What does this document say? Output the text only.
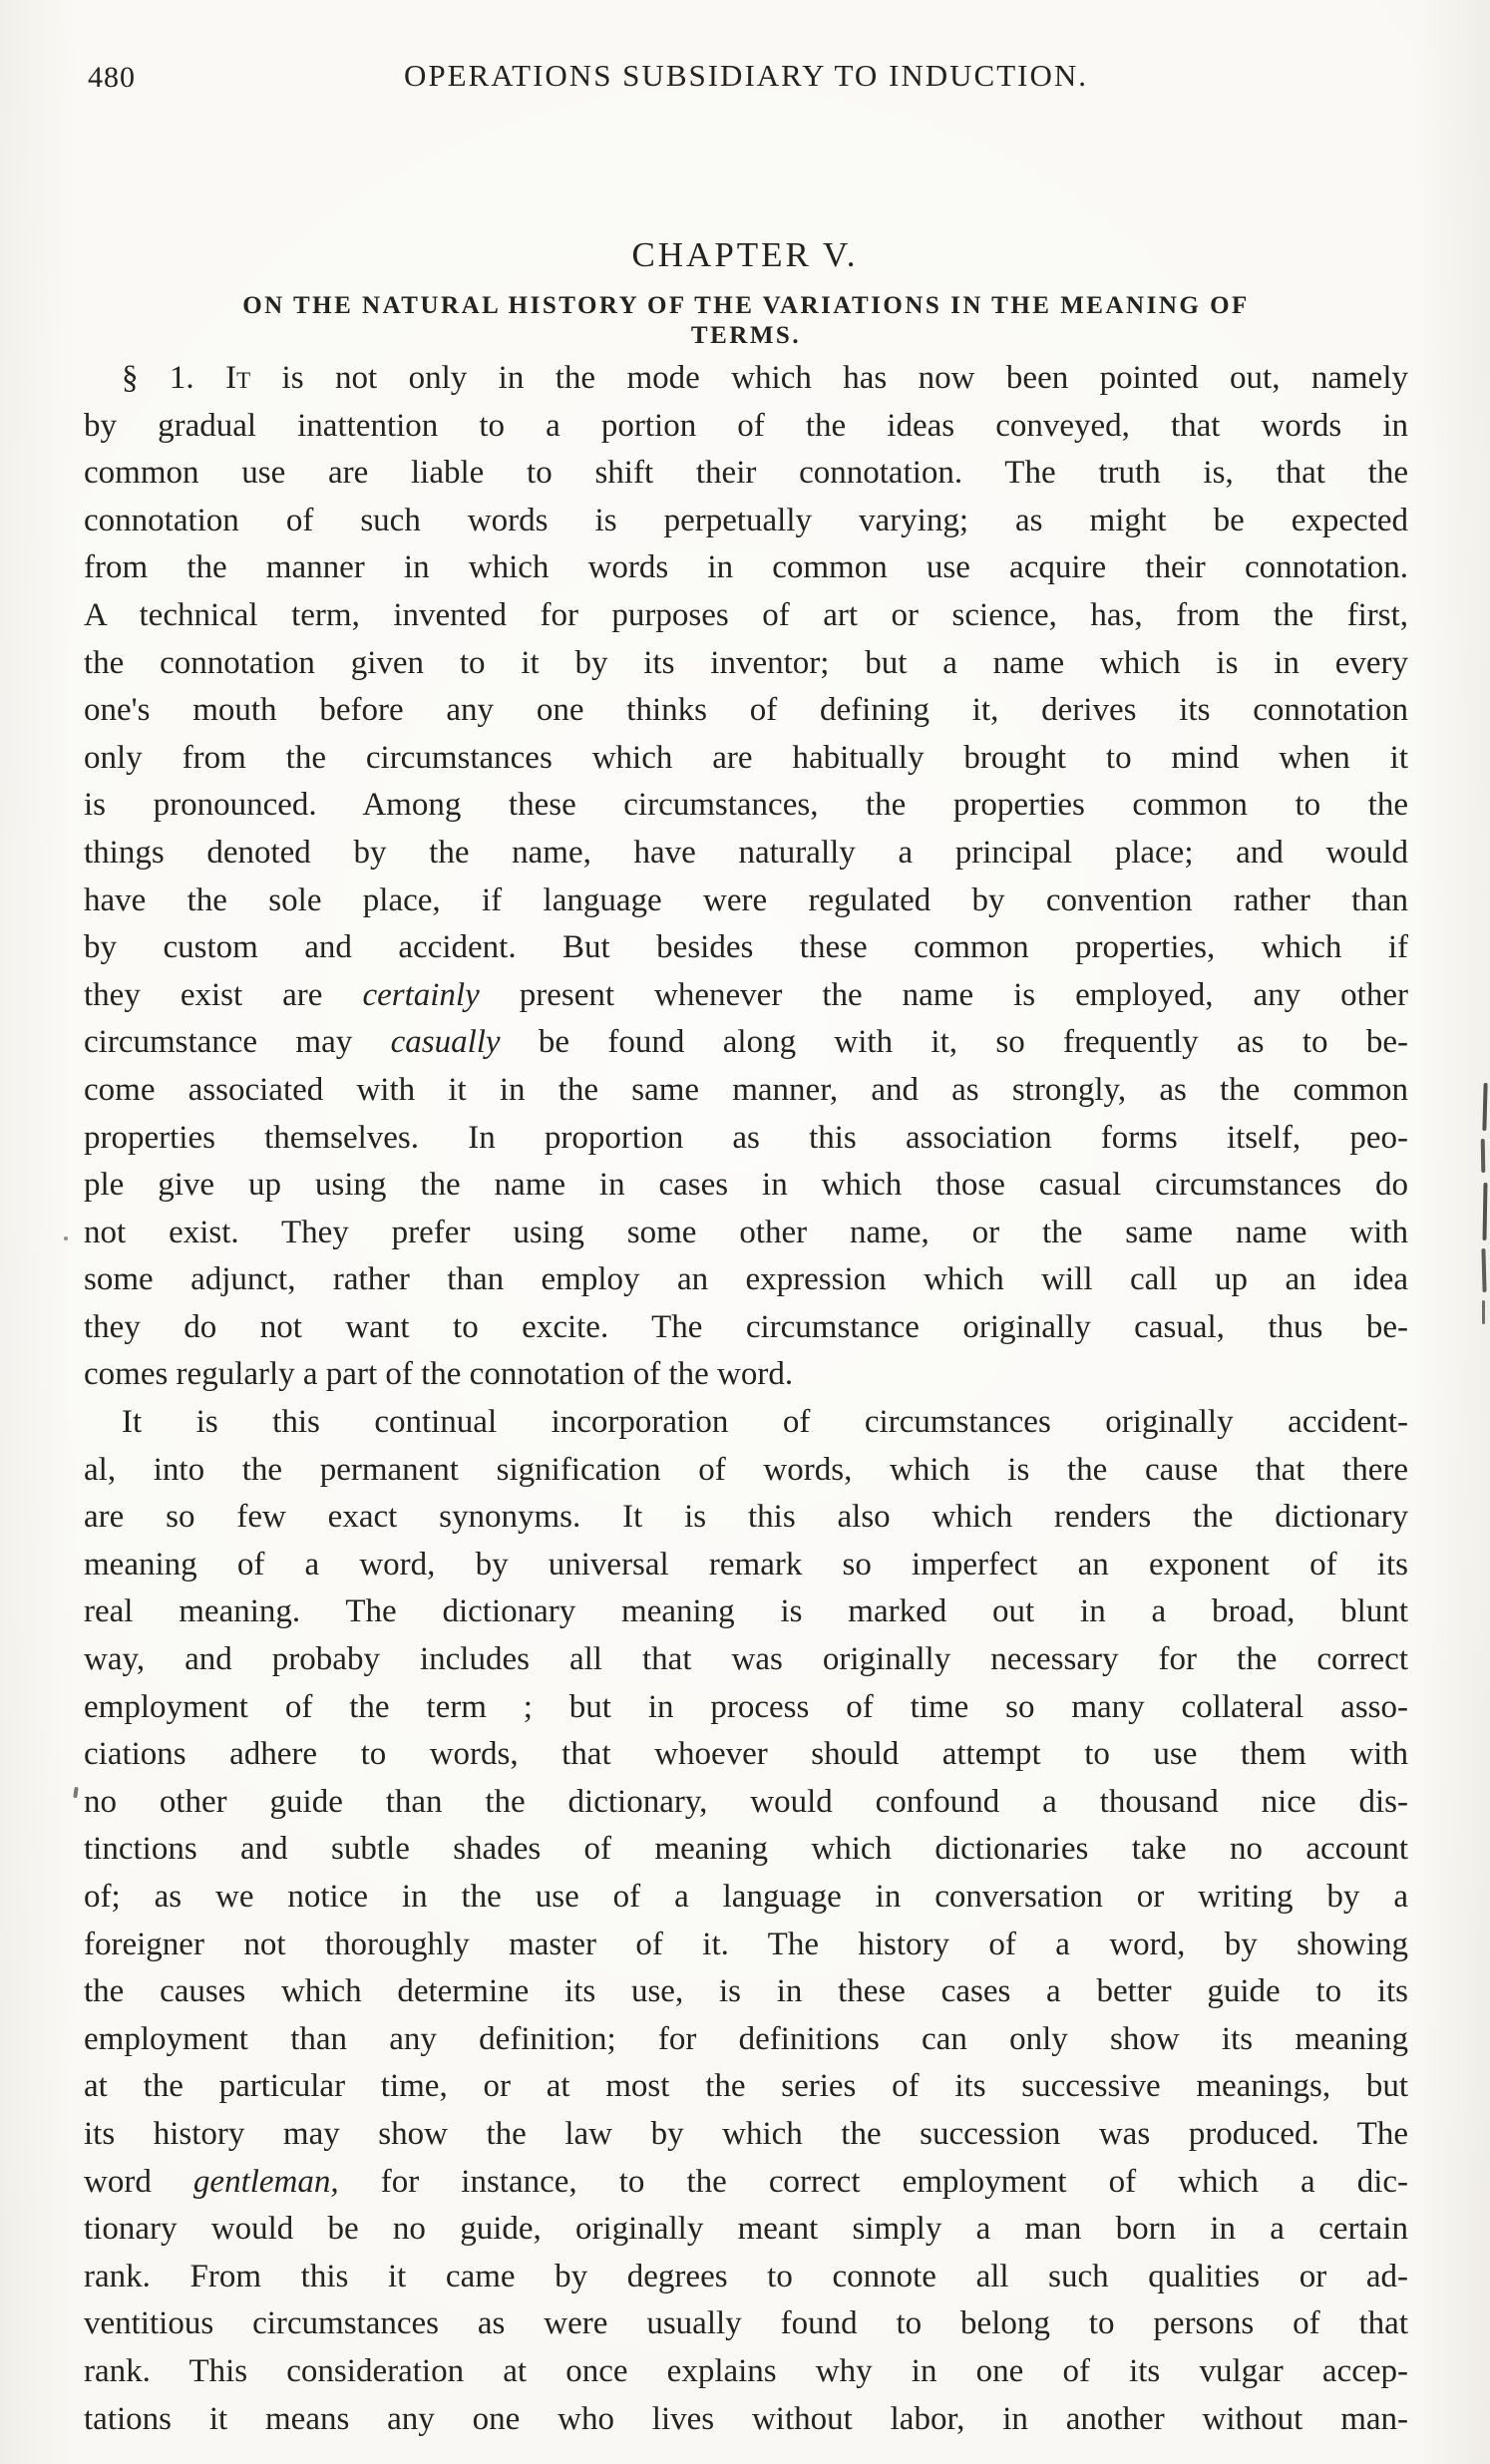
480	OPERATIONS SUBSIDIARY TO INDUCTION.
CHAPTER V.
ON THE NATURAL HISTORY OF THE VARIATIONS IN THE MEANING OF
TERMS.
§ 1. It is not only in the mode which has now been pointed out, namely
by gradual inattention to a portion of the ideas conveyed, that words in
common use are liable to shift their connotation. The truth is, that the
connotation of such words is perpetually varying; as might be expected
from the manner in which words in common use acquire their connotation.
A technical term, invented for purposes of art or science, has, from the first,
the connotation given to it by its inventor; but a name which is in every
one's mouth before any one thinks of defining it, derives its connotation
only from the circumstances which are habitually brought to mind when it
is pronounced. Among these circumstances, the properties common to the
things denoted by the name, have naturally a principal place; and would
have the sole place, if language were regulated by convention rather than
by custom and accident. But besides these common properties, which if
they exist are certainly present whenever the name is employed, any other
circumstance may casually be found along with it, so frequently as to be-
come associated with it in the same manner, and as strongly, as the common
properties themselves. In proportion as this association forms itself, peo-
ple give up using the name in cases in which those casual circumstances do
not exist. They prefer using some other name, or the same name with
some adjunct, rather than employ an expression which will call up an idea
they do not want to excite. The circumstance originally casual, thus be-
comes regularly a part of the connotation of the word.
It is this continual incorporation of circumstances originally accident-
al, into the permanent signification of words, which is the cause that there
are so few exact synonyms. It is this also which renders the dictionary
meaning of a word, by universal remark so imperfect an exponent of its
real meaning. The dictionary meaning is marked out in a broad, blunt
way, and probaby includes all that was originally necessary for the correct
employment of the term ; but in process of time so many collateral asso-
ciations adhere to words, that whoever should attempt to use them with
no other guide than the dictionary, would confound a thousand nice dis-
tinctions and subtle shades of meaning which dictionaries take no account
of; as we notice in the use of a language in conversation or writing by a
foreigner not thoroughly master of it. The history of a word, by showing
the causes which determine its use, is in these cases a better guide to its
employment than any definition; for definitions can only show its meaning
at the particular time, or at most the series of its successive meanings, but
its history may show the law by which the succession was produced. The
word gentleman, for instance, to the correct employment of which a dic-
tionary would be no guide, originally meant simply a man born in a certain
rank. From this it came by degrees to connote all such qualities or ad-
ventitious circumstances as were usually found to belong to persons of that
rank. This consideration at once explains why in one of its vulgar accep-
tations it means any one who lives without labor, in another without man-
